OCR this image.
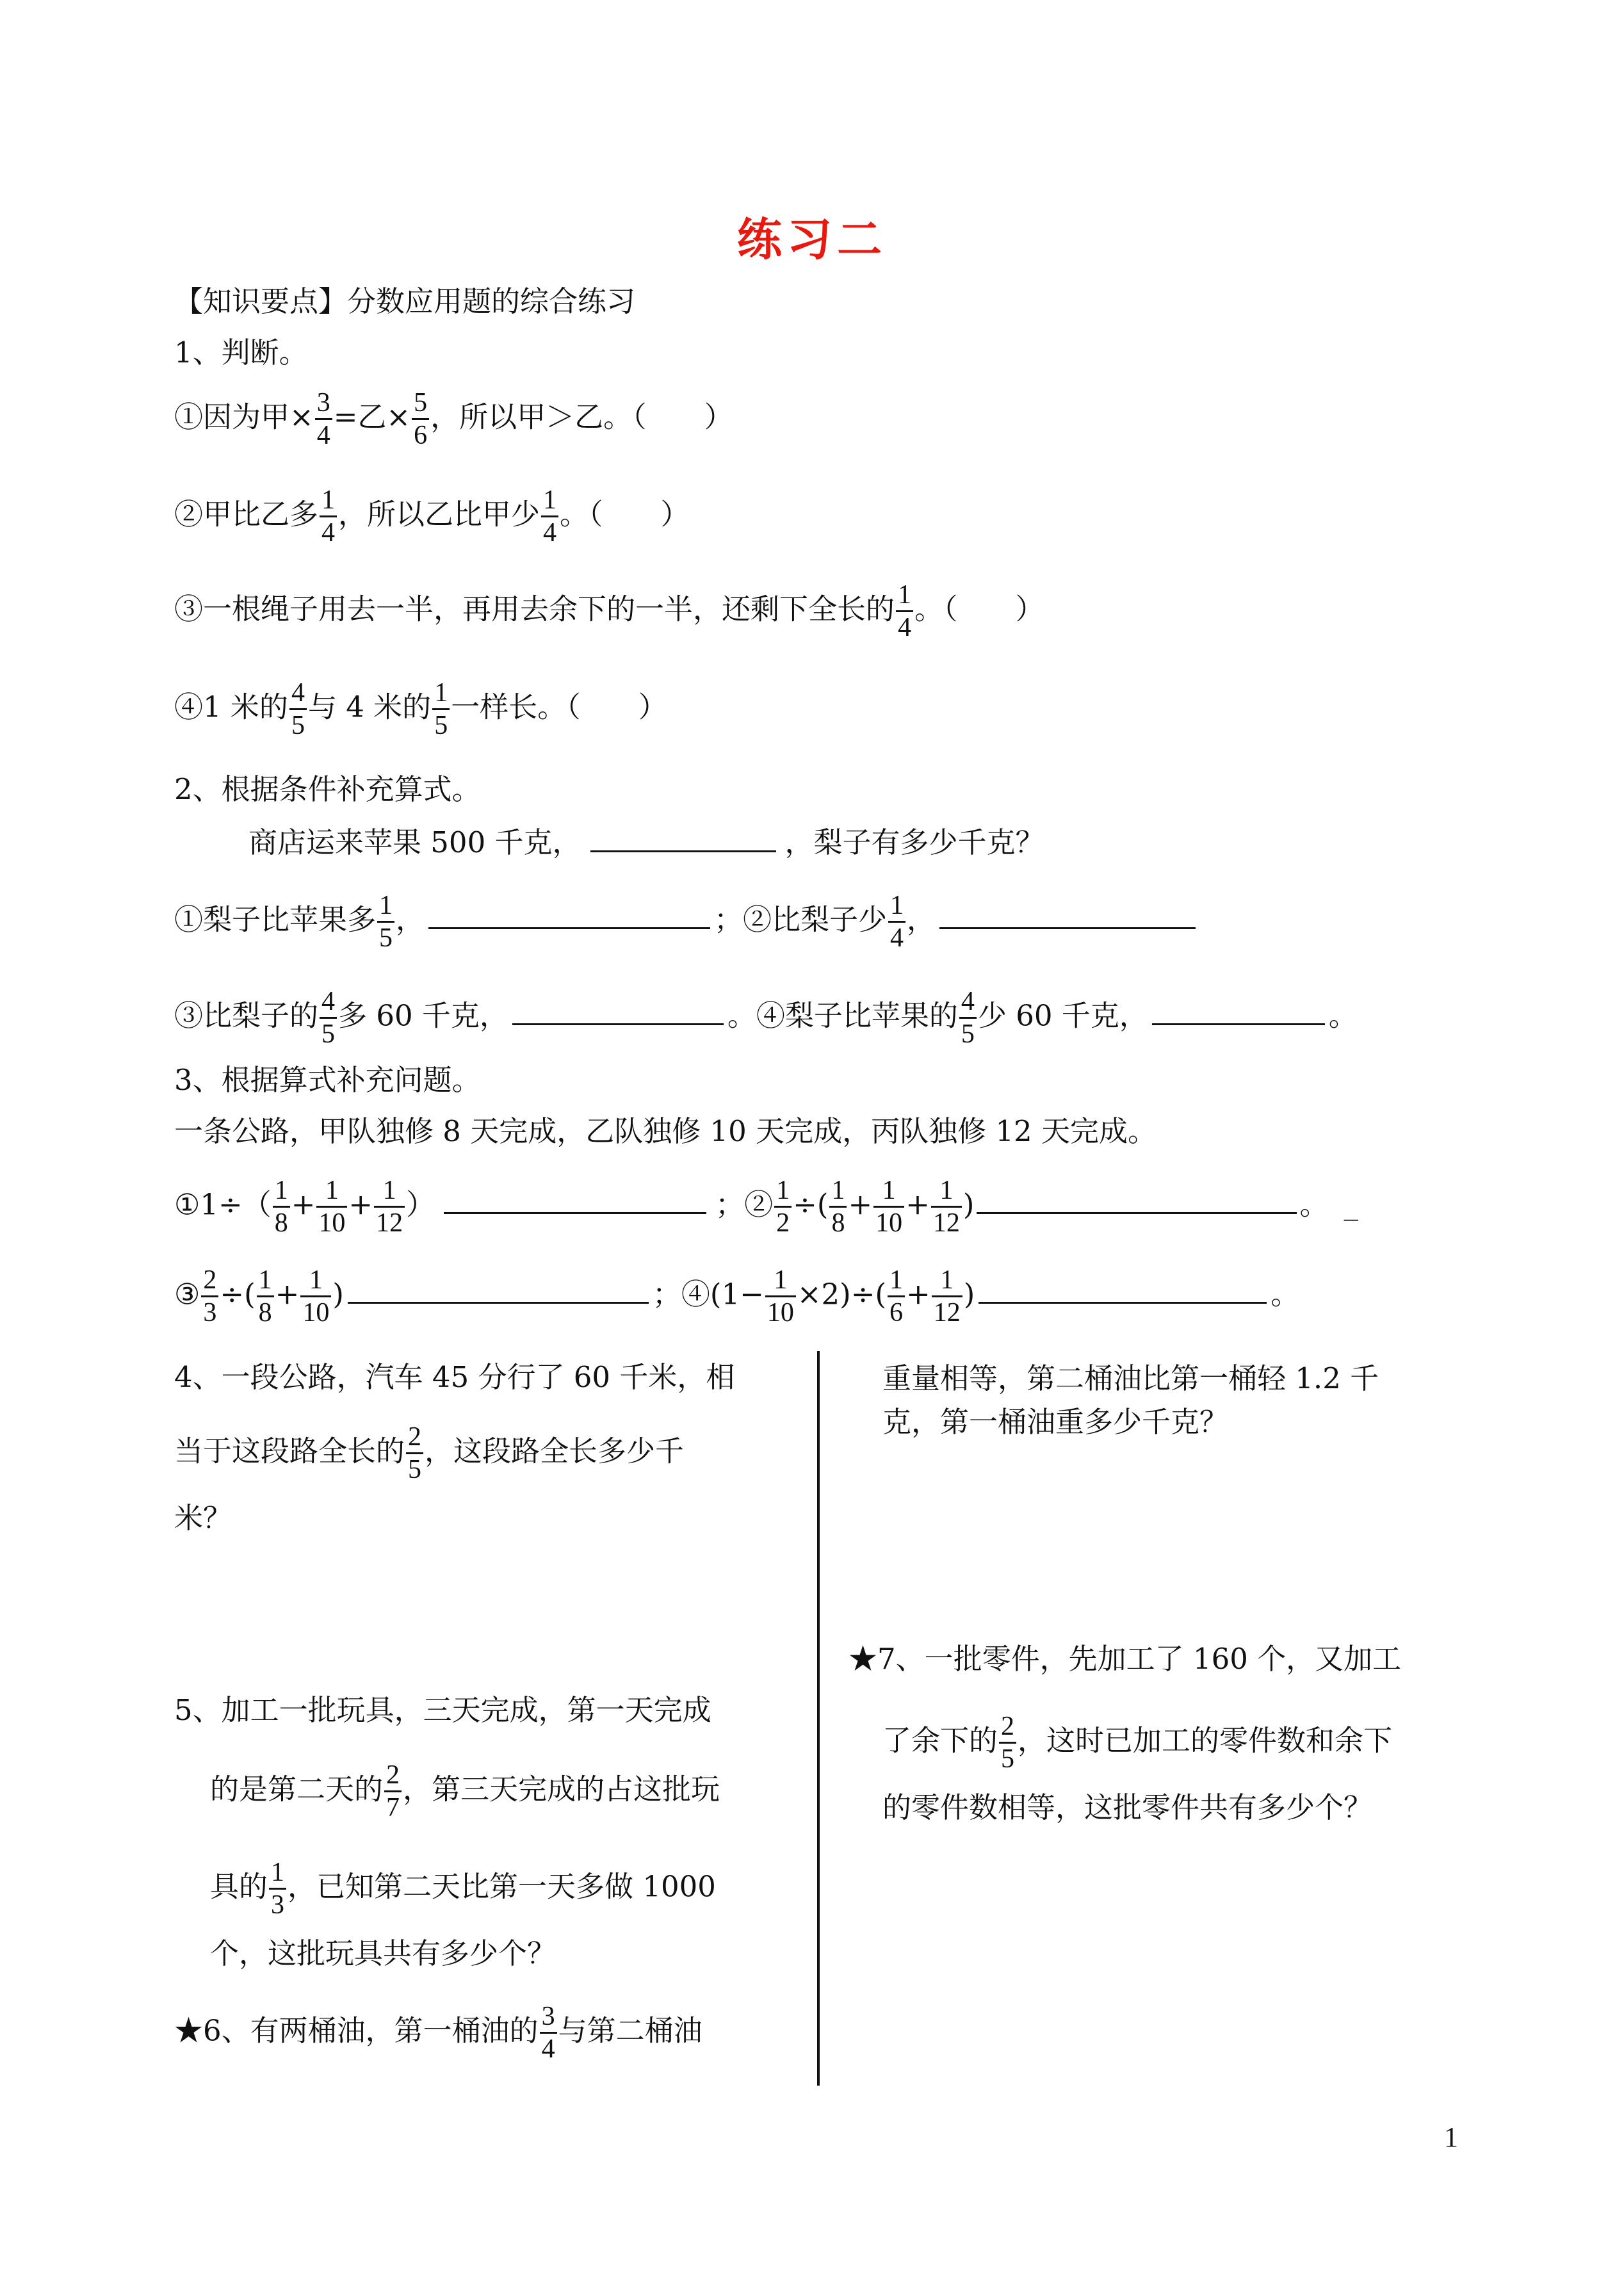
练习二
【知识要点】分数应用题的综合练习
1、判断。
①因为甲× $\frac{3}{4}$ =乙× $\frac{5}{6}$ ，所以甲＞乙。（　　）
②甲比乙多 $\frac{1}{4}$ ，所以乙比甲少 $\frac{1}{4}$ 。（　　）
③一根绳子用去一半，再用去余下的一半，还剩下全长的 $\frac{1}{4}$ 。（　　）
④1 米的 $\frac{4}{5}$ 与 4 米的 $\frac{1}{5}$ 一样长。（　　）
2、根据条件补充算式。
商店运来苹果 500 千克，	，梨子有多少千克？
①梨子比苹果多 $\frac{1}{5}$ ，	；②比梨子少 $\frac{1}{4}$ ，
③比梨子的 $\frac{4}{5}$ 多 60 千克，	。④梨子比苹果的 $\frac{4}{5}$ 少 60 千克，	。
3、根据算式补充问题。
一条公路，甲队独修 8 天完成，乙队独修 10 天完成，丙队独修 12 天完成。
①1÷（ $\frac{1}{8} + \frac{1}{10} + \frac{1}{12}$ ）	；② $\frac{1}{2}$ ÷( $\frac{1}{8} + \frac{1}{10} + \frac{1}{12}$ )	。 _
③ $\frac{2}{3}$ ÷( $\frac{1}{8} + \frac{1}{10}$ )	；④(1− $\frac{1}{10} \times 2)\div( \frac{1}{6} + \frac{1}{12}$ )	。
4、一段公路，汽车 45 分行了 60 千米，相
当于这段路全长的 $\frac{2}{5}$ ，这段路全长多少千
米？
5、加工一批玩具，三天完成，第一天完成
的是第二天的 $\frac{2}{7}$ ，第三天完成的占这批玩
具的 $\frac{1}{3}$ ，已知第二天比第一天多做 1000
个，这批玩具共有多少个？
★6、有两桶油，第一桶油的 $\frac{3}{4}$ 与第二桶油
重量相等，第二桶油比第一桶轻 1.2 千
克，第一桶油重多少千克？
★7、一批零件，先加工了 160 个，又加工
了余下的 $\frac{2}{5}$ ，这时已加工的零件数和余下
的零件数相等，这批零件共有多少个？
1
